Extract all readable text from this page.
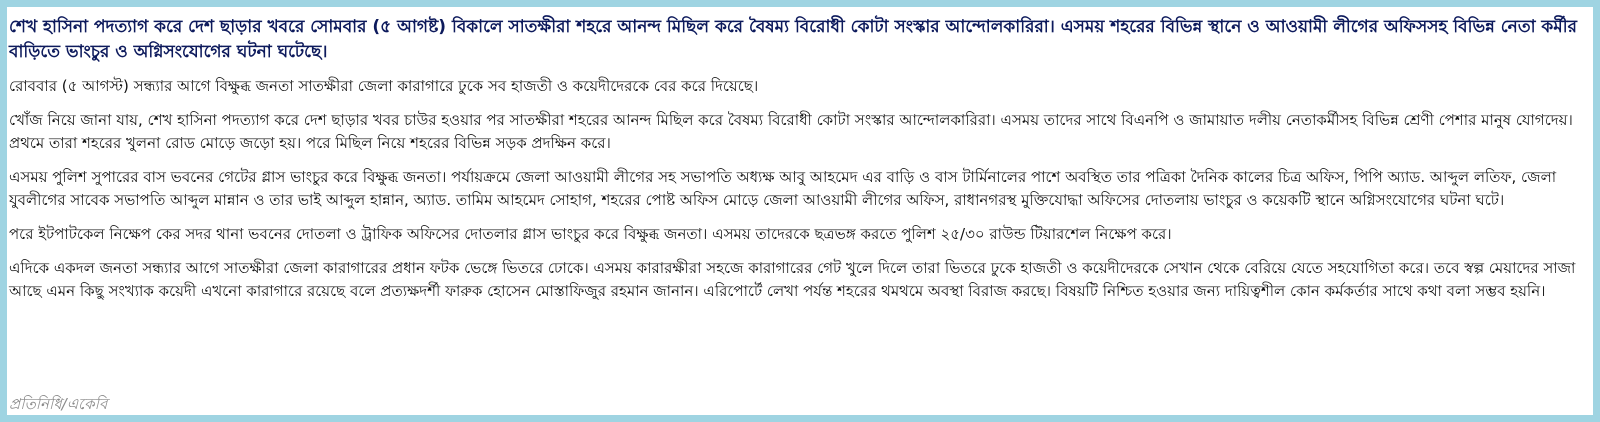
শেখ হাসিনা পদত্যাগ করে দেশ ছাড়ার খবরে সোমবার (৫ আগষ্ট) বিকালে সাতক্ষীরা শহরে আনন্দ মিছিল করে বৈষম্য বিরোধী কোটা সংস্কার আন্দোলকারিরা। এসময় শহরের বিভিন্ন স্থানে ও আওয়ামী লীগের অফিসসহ বিভিন্ন নেতা কর্মীর বাড়িতে ভাংচুর ও অগ্নিসংযোগের ঘটনা ঘটেছে।

রোববার (৫ আগস্ট) সন্ধ্যার আগে বিক্ষুব্ধ জনতা সাতক্ষীরা জেলা কারাগারে ঢুকে সব হাজতী ও কয়েদীদেরকে বের করে দিয়েছে।

খোঁজ নিয়ে জানা যায়, শেখ হাসিনা পদত্যাগ করে দেশ ছাড়ার খবর চাউর হওয়ার পর সাতক্ষীরা শহরের আনন্দ মিছিল করে বৈষম্য বিরোধী কোটা সংস্কার আন্দোলকারিরা। এসময় তাদের সাথে বিএনপি ও জামায়াত দলীয় নেতাকর্মীসহ বিভিন্ন শ্রেণী পেশার মানুষ যোগদেয়। প্রথমে তারা শহরের খুলনা রোড মোড়ে জড়ো হয়। পরে মিছিল নিয়ে শহরের বিভিন্ন সড়ক প্রদক্ষিন করে।

এসময় পুলিশ সুপারের বাস ভবনের গেটের গ্লাস ভাংচুর করে বিক্ষুব্ধ জনতা। পর্যায়ক্রমে জেলা আওয়ামী লীগের সহ সভাপতি অধ্যক্ষ আবু আহমেদ এর বাড়ি ও বাস টার্মিনালের পাশে অবস্থিত তার পত্রিকা দৈনিক কালের চিত্র অফিস, পিপি অ্যাড. আব্দুল লতিফ, জেলা যুবলীগের সাবেক সভাপতি আব্দুল মান্নান ও তার ভাই আব্দুল হান্নান, অ্যাড. তামিম আহমেদ সোহাগ, শহরের পোষ্ট অফিস মোড়ে জেলা আওয়ামী লীগের অফিস, রাধানগরস্থ মুক্তিযোদ্ধা অফিসের দোতলায় ভাংচুর ও কয়েকটি স্থানে অগ্নিসংযোগের ঘটনা ঘটে।

পরে ইটপাটকেল নিক্ষেপ কের সদর থানা ভবনের দোতলা ও ট্রাফিক অফিসের দোতলার গ্লাস ভাংচুর করে বিক্ষুব্ধ জনতা। এসময় তাদেরকে ছত্রভঙ্গ করতে পুলিশ ২৫/৩০ রাউন্ড টিয়ারশেল নিক্ষেপ করে।

এদিকে একদল জনতা সন্ধ্যার আগে সাতক্ষীরা জেলা কারাগারের প্রধান ফটক ভেঙ্গে ভিতরে ঢোকে। এসময় কারারক্ষীরা সহজে কারাগারের গেট খুলে দিলে তারা ভিতরে ঢুকে হাজতী ও কয়েদীদেরকে সেখান থেকে বেরিয়ে যেতে সহযোগিতা করে। তবে স্বল্প মেয়াদের সাজা আছে এমন কিছু সংখ্যাক কয়েদী এখনো কারাগারে রয়েছে বলে প্রত্যক্ষদর্শী ফারুক হোসেন মোস্তাফিজুর রহমান জানান। এরিপোর্টে লেখা পর্যন্ত শহরের থমথমে অবস্থা বিরাজ করছে। বিষয়টি নিশ্চিত হওয়ার জন্য দায়িত্বশীল কোন কর্মকর্তার সাথে কথা বলা সম্ভব হয়নি।

প্রতিনিধি/একেবি
